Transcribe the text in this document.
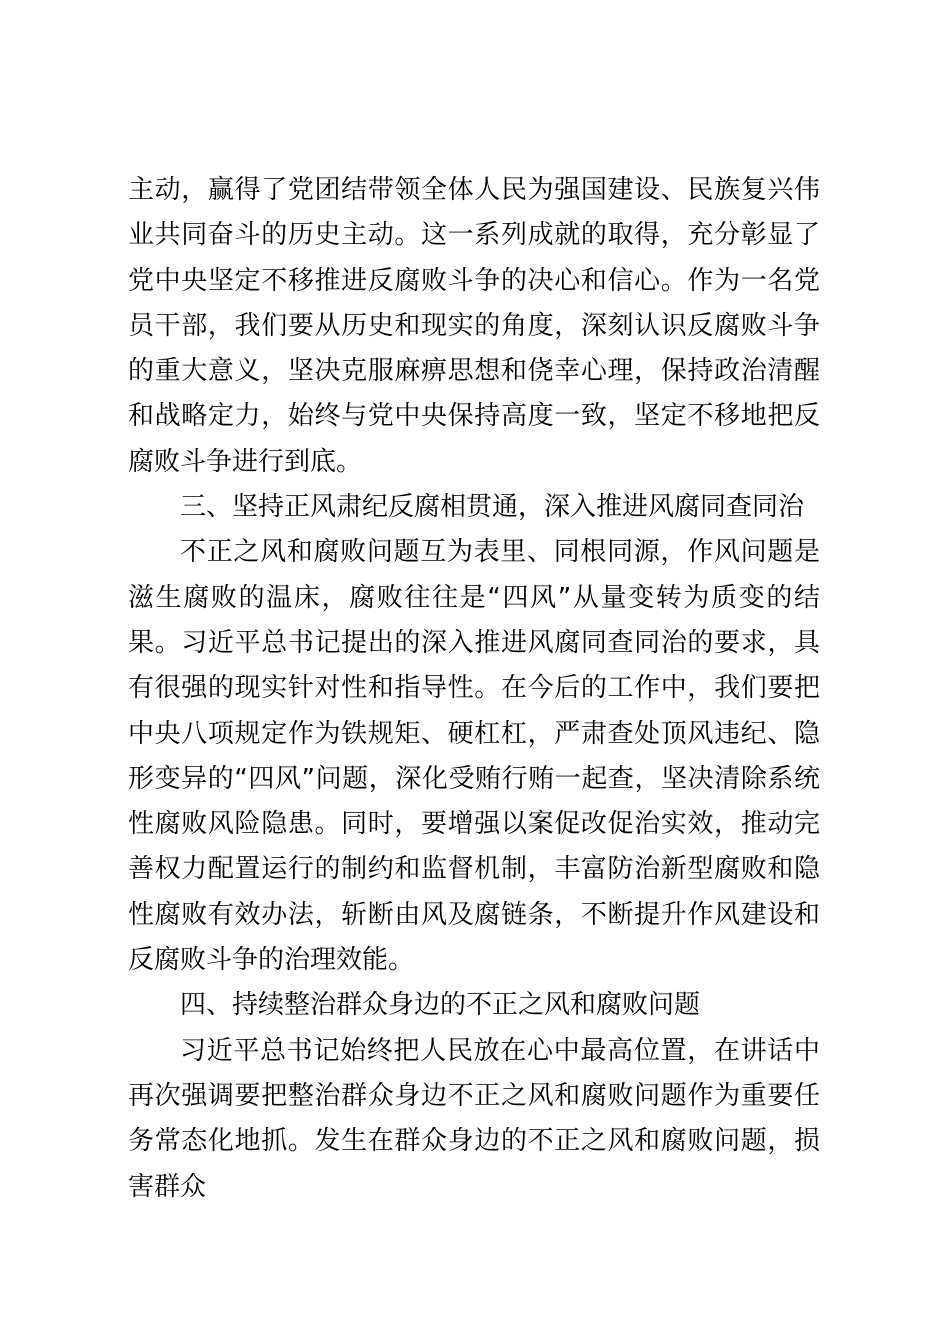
主动，赢得了党团结带领全体人民为强国建设、民族复兴伟业共同奋斗的历史主动。这一系列成就的取得，充分彰显了党中央坚定不移推进反腐败斗争的决心和信心。作为一名党员干部，我们要从历史和现实的角度，深刻认识反腐败斗争的重大意义，坚决克服麻痹思想和侥幸心理，保持政治清醒和战略定力，始终与党中央保持高度一致，坚定不移地把反腐败斗争进行到底。

三、坚持正风肃纪反腐相贯通，深入推进风腐同查同治

不正之风和腐败问题互为表里、同根同源，作风问题是滋生腐败的温床，腐败往往是“四风”从量变转为质变的结果。习近平总书记提出的深入推进风腐同查同治的要求，具有很强的现实针对性和指导性。在今后的工作中，我们要把中央八项规定作为铁规矩、硬杠杠，严肃查处顶风违纪、隐形变异的“四风”问题，深化受贿行贿一起查，坚决清除系统性腐败风险隐患。同时，要增强以案促改促治实效，推动完善权力配置运行的制约和监督机制，丰富防治新型腐败和隐性腐败有效办法，斩断由风及腐链条，不断提升作风建设和反腐败斗争的治理效能。

四、持续整治群众身边的不正之风和腐败问题

习近平总书记始终把人民放在心中最高位置，在讲话中再次强调要把整治群众身边不正之风和腐败问题作为重要任务常态化地抓。发生在群众身边的不正之风和腐败问题，损害群众
